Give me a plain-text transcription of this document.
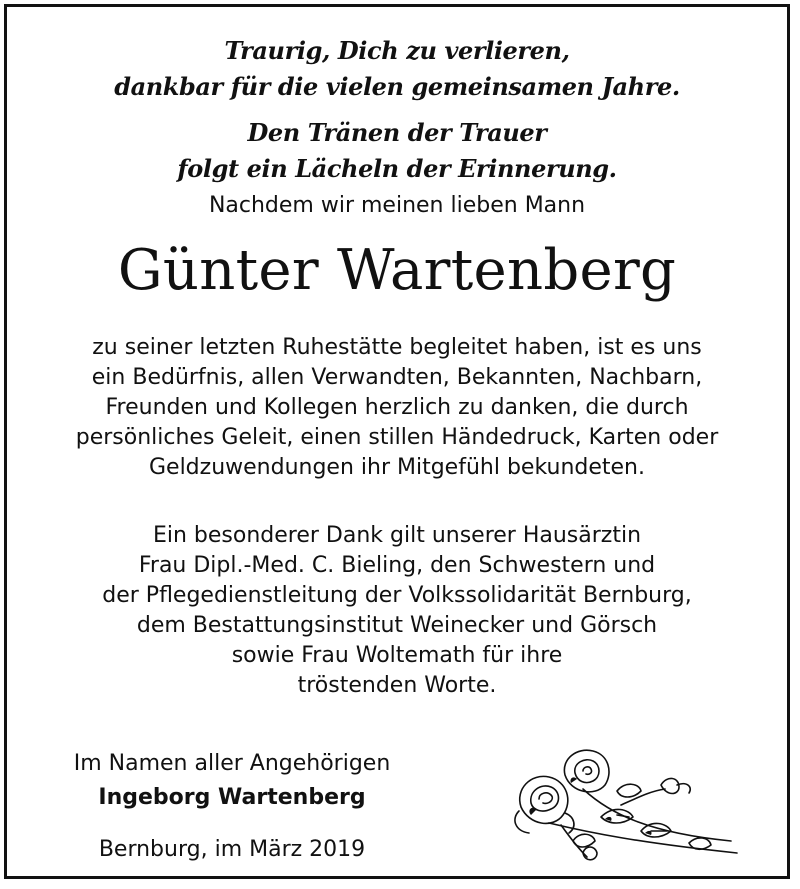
Traurig, Dich zu verlieren,
dankbar für die vielen gemeinsamen Jahre.
Den Tränen der Trauer
folgt ein Lächeln der Erinnerung.
Nachdem wir meinen lieben Mann
Günter Wartenberg
zu seiner letzten Ruhestätte begleitet haben, ist es uns
ein Bedürfnis, allen Verwandten, Bekannten, Nachbarn,
Freunden und Kollegen herzlich zu danken, die durch
persönliches Geleit, einen stillen Händedruck, Karten oder
Geldzuwendungen ihr Mitgefühl bekundeten.
Ein besonderer Dank gilt unserer Hausärztin
Frau Dipl.-Med. C. Bieling, den Schwestern und
der Pflegedienstleitung der Volkssolidarität Bernburg,
dem Bestattungsinstitut Weinecker und Görsch
sowie Frau Woltemath für ihre
tröstenden Worte.
Im Namen aller Angehörigen
Ingeborg Wartenberg
Bernburg, im März 2019
